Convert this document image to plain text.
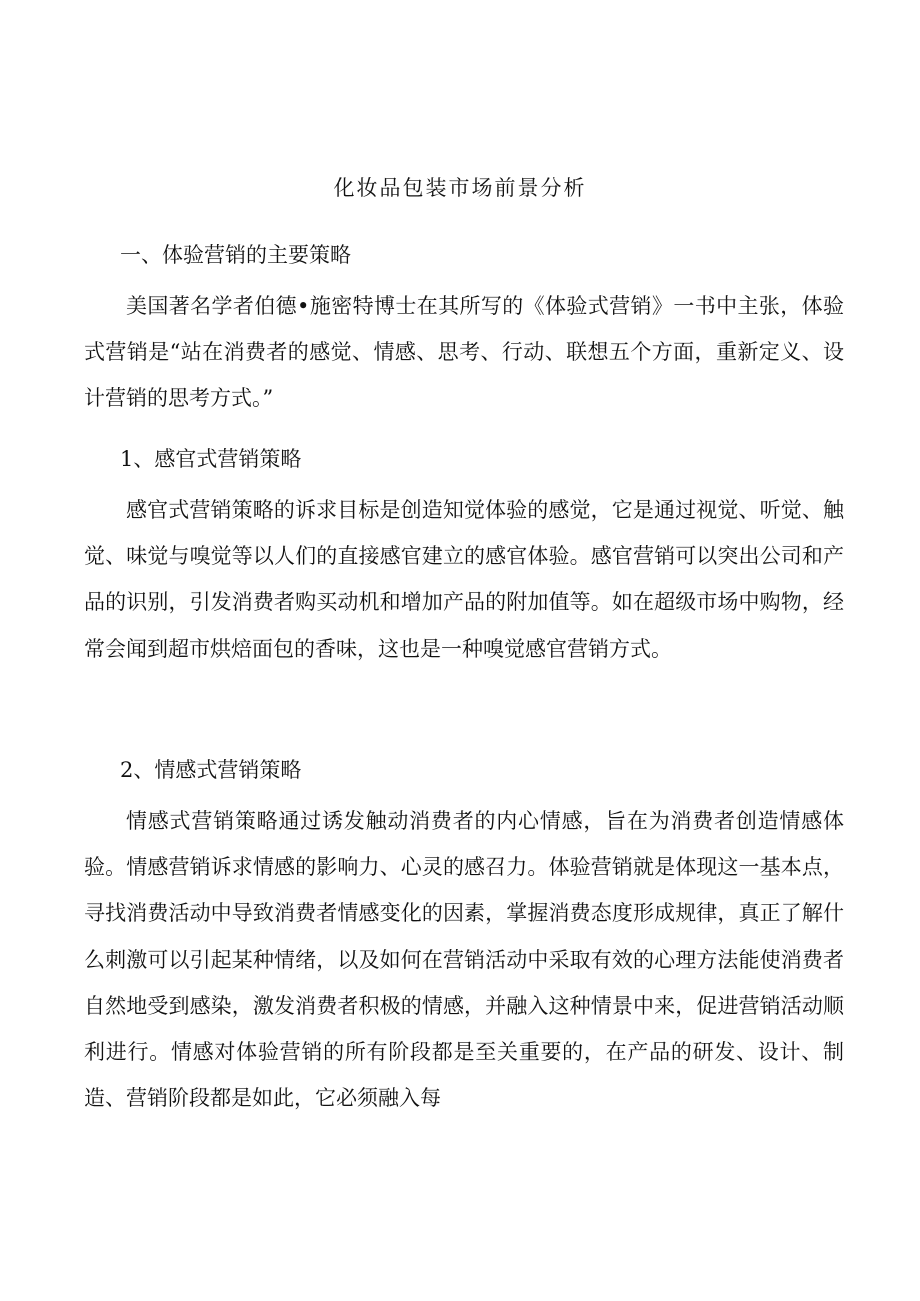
化妆品包装市场前景分析
一、体验营销的主要策略

美国著名学者伯德•施密特博士在其所写的《体验式营销》一书中主张，体验式营销是“站在消费者的感觉、情感、思考、行动、联想五个方面，重新定义、设计营销的思考方式。”

1、感官式营销策略

感官式营销策略的诉求目标是创造知觉体验的感觉，它是通过视觉、听觉、触觉、味觉与嗅觉等以人们的直接感官建立的感官体验。感官营销可以突出公司和产品的识别，引发消费者购买动机和增加产品的附加值等。如在超级市场中购物，经常会闻到超市烘焙面包的香味，这也是一种嗅觉感官营销方式。

2、情感式营销策略

情感式营销策略通过诱发触动消费者的内心情感，旨在为消费者创造情感体验。情感营销诉求情感的影响力、心灵的感召力。体验营销就是体现这一基本点，寻找消费活动中导致消费者情感变化的因素，掌握消费态度形成规律，真正了解什么刺激可以引起某种情绪，以及如何在营销活动中采取有效的心理方法能使消费者自然地受到感染，激发消费者积极的情感，并融入这种情景中来，促进营销活动顺利进行。情感对体验营销的所有阶段都是至关重要的，在产品的研发、设计、制造、营销阶段都是如此，它必须融入每
